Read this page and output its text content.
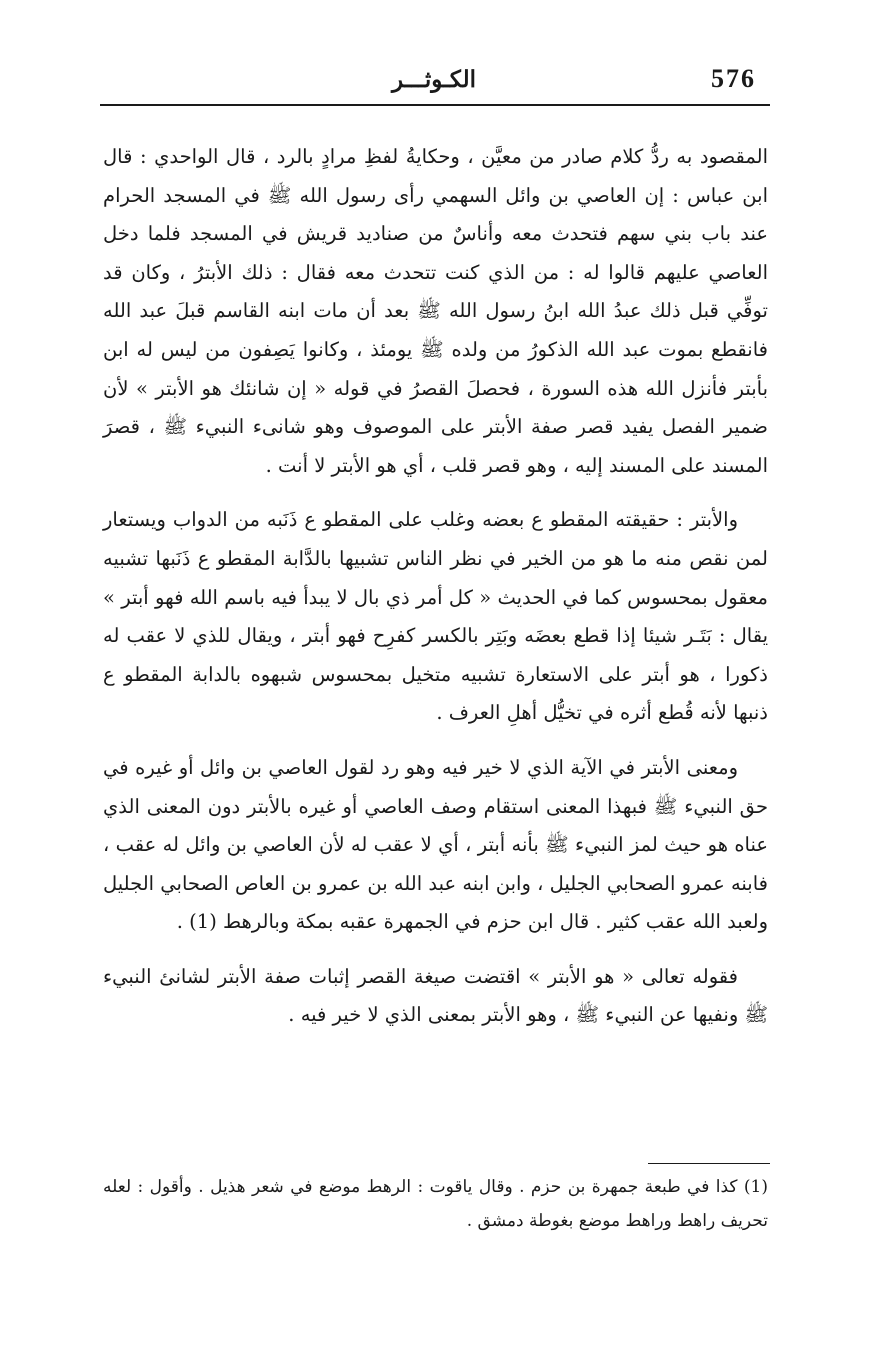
576
الكـوثـــر

المقصود به ردُّ كلام صادر من معيَّن ، وحكايةُ لفظِ مرادٍ بالرد ، قال الواحدي : قال ابن عباس : إن العاصي بن وائل السهمي رأى رسول الله ﷺ في المسجد الحرام عند باب بني سهم فتحدث معه وأناسٌ من صناديد قريش في المسجد فلما دخل العاصي عليهم قالوا له : من الذي كنت تتحدث معه فقال : ذلك الأبترُ ، وكان قد توفِّي قبل ذلك عبدُ الله ابنُ رسول الله ﷺ بعد أن مات ابنه القاسم قبلَ عبد الله فانقطع بموت عبد الله الذكورُ من ولده ﷺ يومئذ ، وكانوا يَصِفون من ليس له ابن بأبتر فأنزل الله هذه السورة ، فحصلَ القصرُ في قوله « إن شانئك هو الأبتر » لأن ضمير الفصل يفيد قصر صفة الأبتر على الموصوف وهو شانىء النبيء ﷺ ، قصرَ المسند على المسند إليه ، وهو قصر قلب ، أي هو الأبتر لا أنت .

والأبتر : حقيقته المقطو ع بعضه وغلب على المقطو ع ذَنَبه من الدواب ويستعار لمن نقص منه ما هو من الخير في نظر الناس تشبيها بالدَّابة المقطو ع ذَنَبها تشبيه معقول بمحسوس كما في الحديث « كل أمر ذي بال لا يبدأ فيه باسم الله فهو أبتر » يقال : بَتَـر شيئا إذا قطع بعضَه وبَتِر بالكسر كفرِح فهو أبتر ، ويقال للذي لا عقب له ذكورا ، هو أبتر على الاستعارة تشبيه متخيل بمحسوس شبهوه بالدابة المقطو ع ذنبها لأنه قُطع أثره في تخيُّل أهلِ العرف .

ومعنى الأبتر في الآية الذي لا خير فيه وهو رد لقول العاصي بن وائل أو غيره في حق النبيء ﷺ فبهذا المعنى استقام وصف العاصي أو غيره بالأبتر دون المعنى الذي عناه هو حيث لمز النبيء ﷺ بأنه أبتر ، أي لا عقب له لأن العاصي بن وائل له عقب ، فابنه عمرو الصحابي الجليل ، وابن ابنه عبد الله بن عمرو بن العاص الصحابي الجليل ولعبد الله عقب كثير . قال ابن حزم في الجمهرة عقبه بمكة وبالرهط (1) .

فقوله تعالى « هو الأبتر » اقتضت صيغة القصر إثبات صفة الأبتر لشانئ النبيء ﷺ ونفيها عن النبيء ﷺ ، وهو الأبتر بمعنى الذي لا خير فيه .

(1) كذا في طبعة جمهرة بن حزم . وقال ياقوت : الرهط موضع في شعر هذيل . وأقول : لعله تحريف راهط وراهط موضع بغوطة دمشق .
